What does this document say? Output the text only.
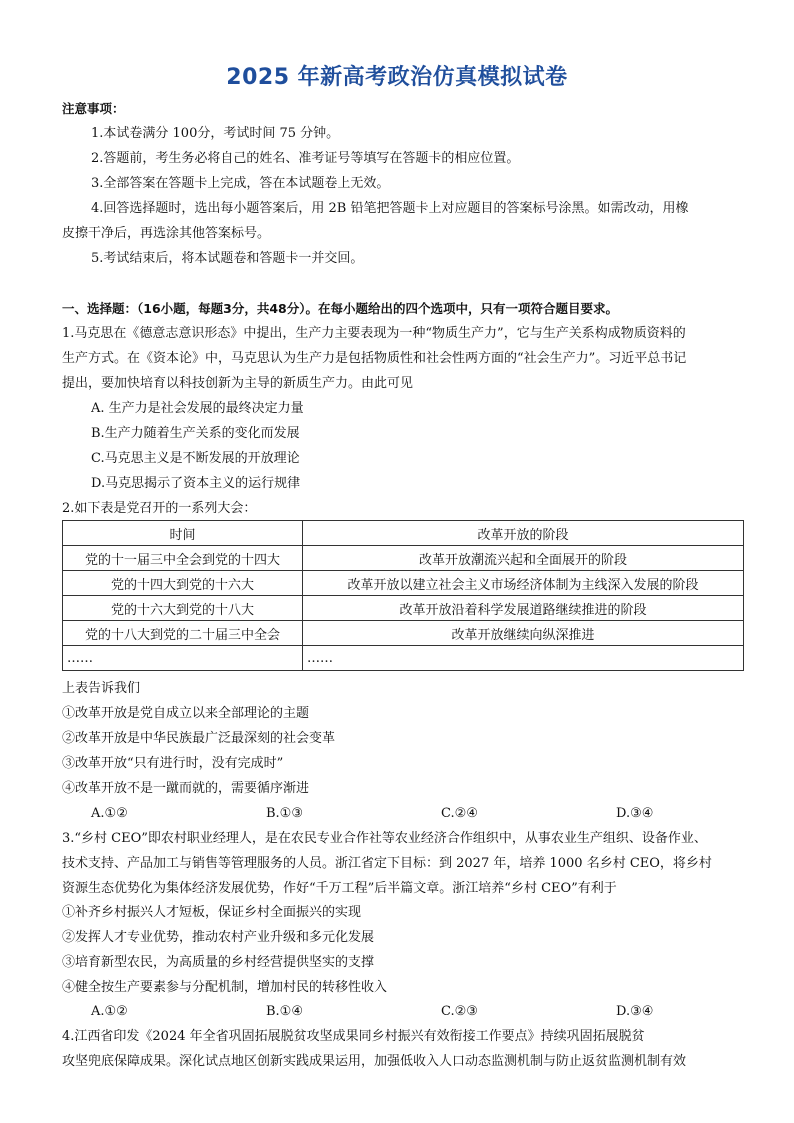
2025 年新高考政治仿真模拟试卷
注意事项：
1.本试卷满分 100分，考试时间 75 分钟。
2.答题前，考生务必将自己的姓名、准考证号等填写在答题卡的相应位置。
3.全部答案在答题卡上完成，答在本试题卷上无效。
4.回答选择题时，选出每小题答案后，用 2B 铅笔把答题卡上对应题目的答案标号涂黑。如需改动，用橡
皮擦干净后，再选涂其他答案标号。
5.考试结束后，将本试题卷和答题卡一并交回。
一、选择题：（16小题，每题3分，共48分）。在每小题给出的四个选项中，只有一项符合题目要求。
1.马克思在《德意志意识形态》中提出，生产力主要表现为一种“物质生产力”，它与生产关系构成物质资料的
生产方式。在《资本论》中，马克思认为生产力是包括物质性和社会性两方面的“社会生产力”。习近平总书记
提出，要加快培育以科技创新为主导的新质生产力。由此可见
A. 生产力是社会发展的最终决定力量
B.生产力随着生产关系的变化而发展
C.马克思主义是不断发展的开放理论
D.马克思揭示了资本主义的运行规律
2.如下表是党召开的一系列大会：
时间	改革开放的阶段
党的十一届三中全会到党的十四大	改革开放潮流兴起和全面展开的阶段
党的十四大到党的十六大	改革开放以建立社会主义市场经济体制为主线深入发展的阶段
党的十六大到党的十八大	改革开放沿着科学发展道路继续推进的阶段
党的十八大到党的二十届三中全会	改革开放继续向纵深推进
……	……
上表告诉我们
①改革开放是党自成立以来全部理论的主题
②改革开放是中华民族最广泛最深刻的社会变革
③改革开放“只有进行时，没有完成时”
④改革开放不是一蹴而就的，需要循序渐进
A.①②	B.①③	C.②④	D.③④
3.“乡村 CEO”即农村职业经理人，是在农民专业合作社等农业经济合作组织中，从事农业生产组织、设备作业、
技术支持、产品加工与销售等管理服务的人员。浙江省定下目标：到 2027 年，培养 1000 名乡村 CEO，将乡村
资源生态优势化为集体经济发展优势，作好“千万工程”后半篇文章。浙江培养“乡村 CEO”有利于
①补齐乡村振兴人才短板，保证乡村全面振兴的实现
②发挥人才专业优势，推动农村产业升级和多元化发展
③培育新型农民，为高质量的乡村经营提供坚实的支撑
④健全按生产要素参与分配机制，增加村民的转移性收入
A.①②	B.①④	C.②③	D.③④
4.江西省印发《2024 年全省巩固拓展脱贫攻坚成果同乡村振兴有效衔接工作要点》持续巩固拓展脱贫
攻坚兜底保障成果。深化试点地区创新实践成果运用，加强低收入人口动态监测机制与防止返贫监测机制有效
